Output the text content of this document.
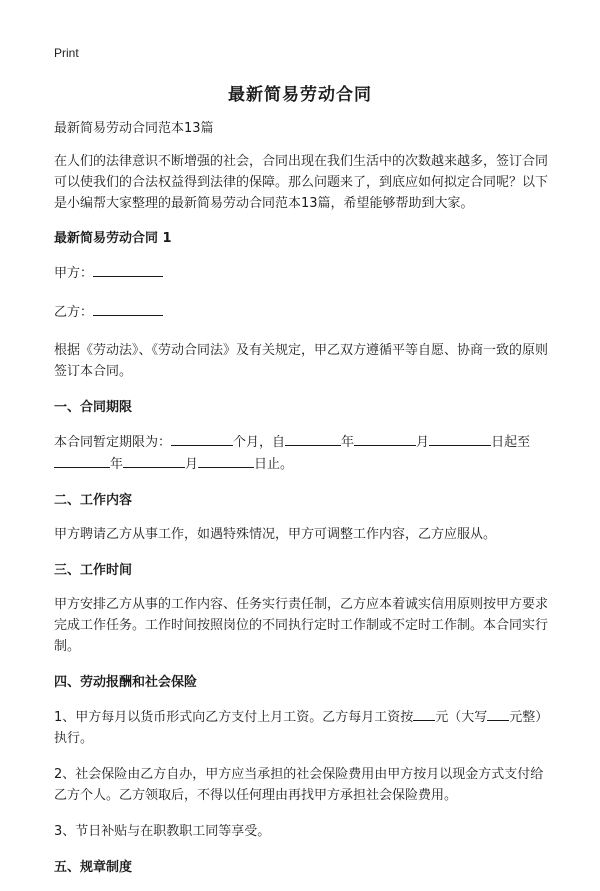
Print
最新简易劳动合同

最新简易劳动合同范本13篇

在人们的法律意识不断增强的社会，合同出现在我们生活中的次数越来越多，签订合同可以使我们的合法权益得到法律的保障。那么问题来了，到底应如何拟定合同呢？以下是小编帮大家整理的最新简易劳动合同范本13篇，希望能够帮助到大家。

最新简易劳动合同 1

甲方：

乙方：

根据《劳动法》、《劳动合同法》及有关规定，甲乙双方遵循平等自愿、协商一致的原则签订本合同。

一、合同期限

本合同暂定期限为：	个月，自	年	月	日起至年	月	日止。

二、工作内容

甲方聘请乙方从事工作，如遇特殊情况，甲方可调整工作内容，乙方应服从。

三、工作时间

甲方安排乙方从事的工作内容、任务实行责任制，乙方应本着诚实信用原则按甲方要求完成工作任务。工作时间按照岗位的不同执行定时工作制或不定时工作制。本合同实行制。

四、劳动报酬和社会保险

1、甲方每月以货币形式向乙方支付上月工资。乙方每月工资按 元（大写 元整）执行。

2、社会保险由乙方自办，甲方应当承担的社会保险费用由甲方按月以现金方式支付给乙方个人。乙方领取后，不得以任何理由再找甲方承担社会保险费用。

3、节日补贴与在职教职工同等享受。

五、规章制度
